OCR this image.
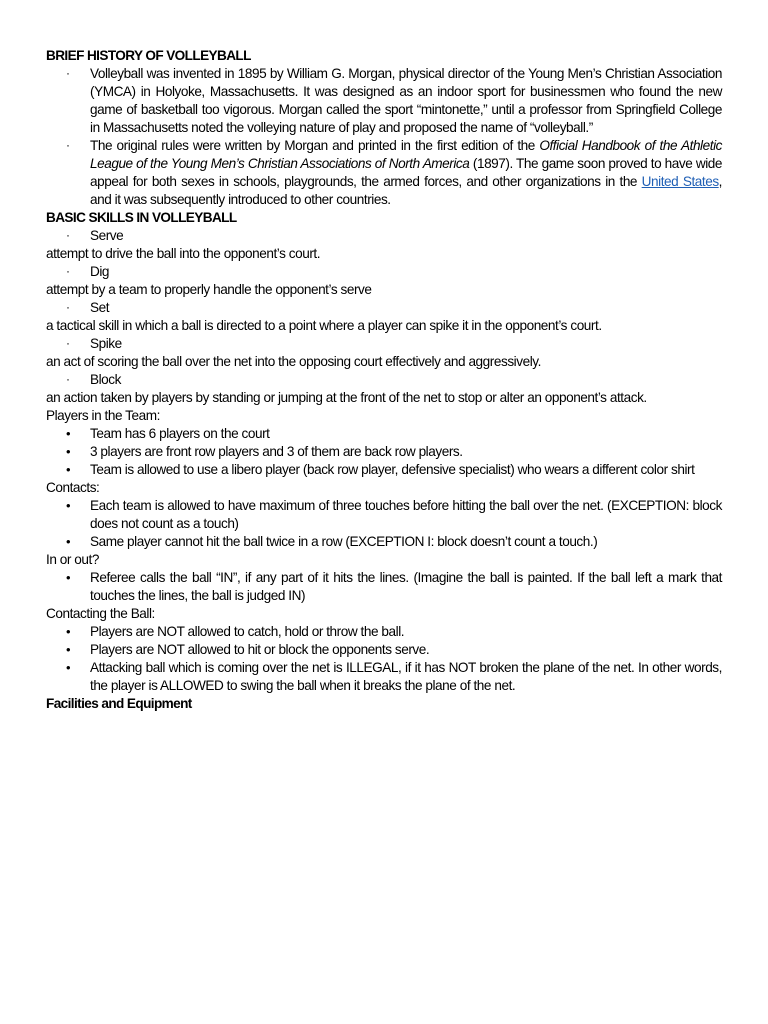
BRIEF HISTORY OF VOLLEYBALL

· Volleyball was invented in 1895 by William G. Morgan, physical director of the Young Men’s Christian Association (YMCA) in Holyoke, Massachusetts. It was designed as an indoor sport for businessmen who found the new game of basketball too vigorous. Morgan called the sport “mintonette,” until a professor from Springfield College in Massachusetts noted the volleying nature of play and proposed the name of “volleyball.”
· The original rules were written by Morgan and printed in the first edition of the Official Handbook of the Athletic League of the Young Men’s Christian Associations of North America (1897). The game soon proved to have wide appeal for both sexes in schools, playgrounds, the armed forces, and other organizations in the United States, and it was subsequently introduced to other countries.

BASIC SKILLS IN VOLLEYBALL

· Serve
attempt to drive the ball into the opponent’s court.
· Dig
attempt by a team to properly handle the opponent’s serve
· Set
a tactical skill in which a ball is directed to a point where a player can spike it in the opponent’s court.
· Spike
an act of scoring the ball over the net into the opposing court effectively and aggressively.
· Block
an action taken by players by standing or jumping at the front of the net to stop or alter an opponent’s attack.

Players in the Team:

• Team has 6 players on the court
• 3 players are front row players and 3 of them are back row players.
• Team is allowed to use a libero player (back row player, defensive specialist) who wears a different color shirt

Contacts:

• Each team is allowed to have maximum of three touches before hitting the ball over the net. (EXCEPTION: block does not count as a touch)
• Same player cannot hit the ball twice in a row (EXCEPTION I: block doesn’t count a touch.)

In or out?

• Referee calls the ball “IN”, if any part of it hits the lines. (Imagine the ball is painted. If the ball left a mark that touches the lines, the ball is judged IN)

Contacting the Ball:

• Players are NOT allowed to catch, hold or throw the ball.
• Players are NOT allowed to hit or block the opponents serve.
• Attacking ball which is coming over the net is ILLEGAL, if it has NOT broken the plane of the net. In other words, the player is ALLOWED to swing the ball when it breaks the plane of the net.

Facilities and Equipment
